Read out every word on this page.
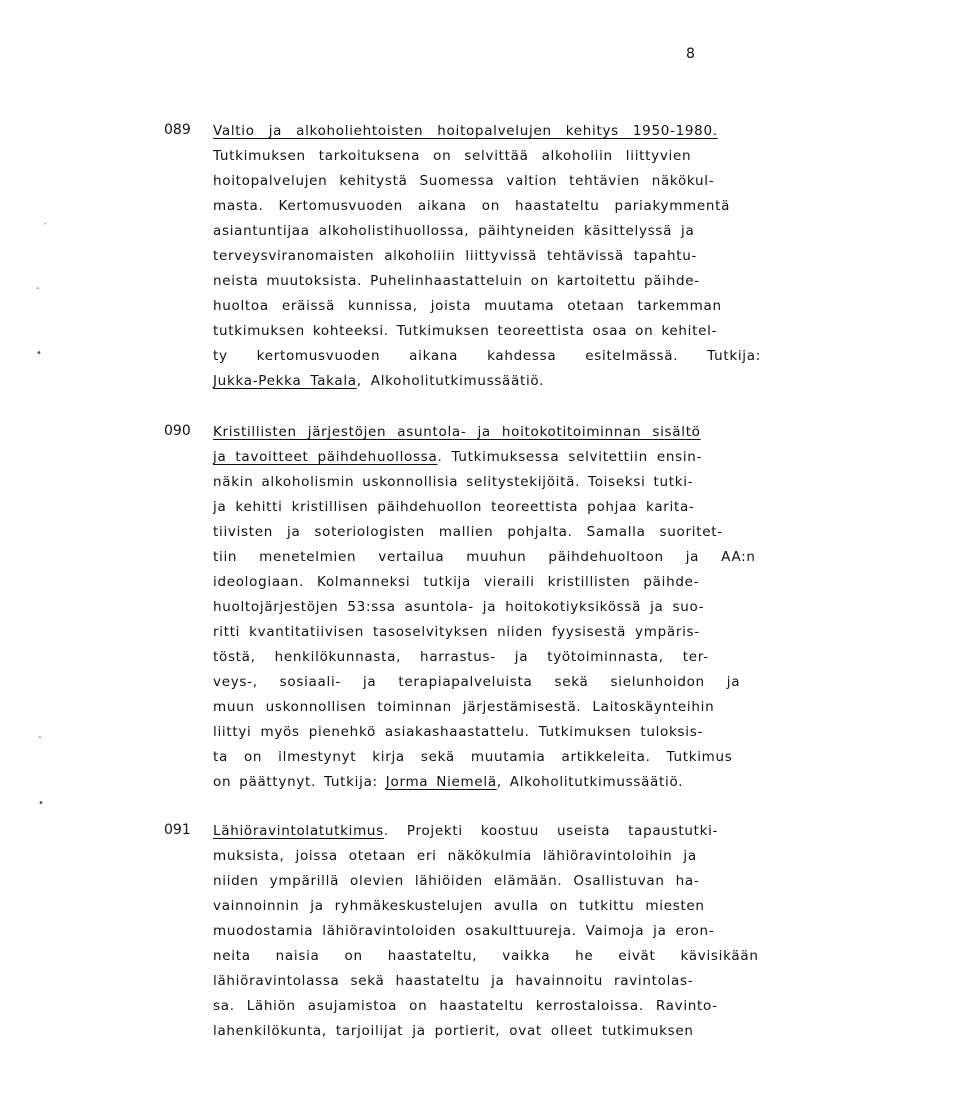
8
089 Valtio ja alkoholiehtoisten hoitopalvelujen kehitys 1950-1980.
Tutkimuksen tarkoituksena on selvittää alkoholiin liittyvien
hoitopalvelujen kehitystä Suomessa valtion tehtävien näkökul-
masta. Kertomusvuoden aikana on haastateltu pariakymmentä
asiantuntijaa alkoholistihuollossa, päihtyneiden käsittelyssä ja
terveysviranomaisten alkoholiin liittyvissä tehtävissä tapahtu-
neista muutoksista. Puhelinhaastatteluin on kartoitettu päihde-
huoltoa eräissä kunnissa, joista muutama otetaan tarkemman
tutkimuksen kohteeksi. Tutkimuksen teoreettista osaa on kehitel-
ty kertomusvuoden aikana kahdessa esitelmässä. Tutkija:
Jukka-Pekka Takala, Alkoholitutkimussäätiö.
090 Kristillisten järjestöjen asuntola- ja hoitokotitoiminnan sisältö
ja tavoitteet päihdehuollossa. Tutkimuksessa selvitettiin ensin-
näkin alkoholismin uskonnollisia selitystekijöitä. Toiseksi tutki-
ja kehitti kristillisen päihdehuollon teoreettista pohjaa karita-
tiivisten ja soteriologisten mallien pohjalta. Samalla suoritet-
tiin menetelmien vertailua muuhun päihdehuoltoon ja AA:n
ideologiaan. Kolmanneksi tutkija vieraili kristillisten päihde-
huoltojärjestöjen 53:ssa asuntola- ja hoitokotiyksikössä ja suo-
ritti kvantitatiivisen tasoselvityksen niiden fyysisestä ympäris-
töstä, henkilökunnasta, harrastus- ja työtoiminnasta, ter-
veys-, sosiaali- ja terapiapalveluista sekä sielunhoidon ja
muun uskonnollisen toiminnan järjestämisestä. Laitoskäynteihin
liittyi myös pienehkö asiakashaastattelu. Tutkimuksen tuloksis-
ta on ilmestynyt kirja sekä muutamia artikkeleita. Tutkimus
on päättynyt. Tutkija: Jorma Niemelä, Alkoholitutkimussäätiö.
091 Lähiöravintolatutkimus. Projekti koostuu useista tapaustutki-
muksista, joissa otetaan eri näkökulmia lähiöravintoloihin ja
niiden ympärillä olevien lähiöiden elämään. Osallistuvan ha-
vainnoinnin ja ryhmäkeskustelujen avulla on tutkittu miesten
muodostamia lähiöravintoloiden osakulttuureja. Vaimoja ja eron-
neita naisia on haastateltu, vaikka he eivät kävisikään
lähiöravintolassa sekä haastateltu ja havainnoitu ravintolas-
sa. Lähiön asujamistoa on haastateltu kerrostaloissa. Ravinto-
lahenkilökunta, tarjoilijat ja portierit, ovat olleet tutkimuksen
′
-
•
-
•
